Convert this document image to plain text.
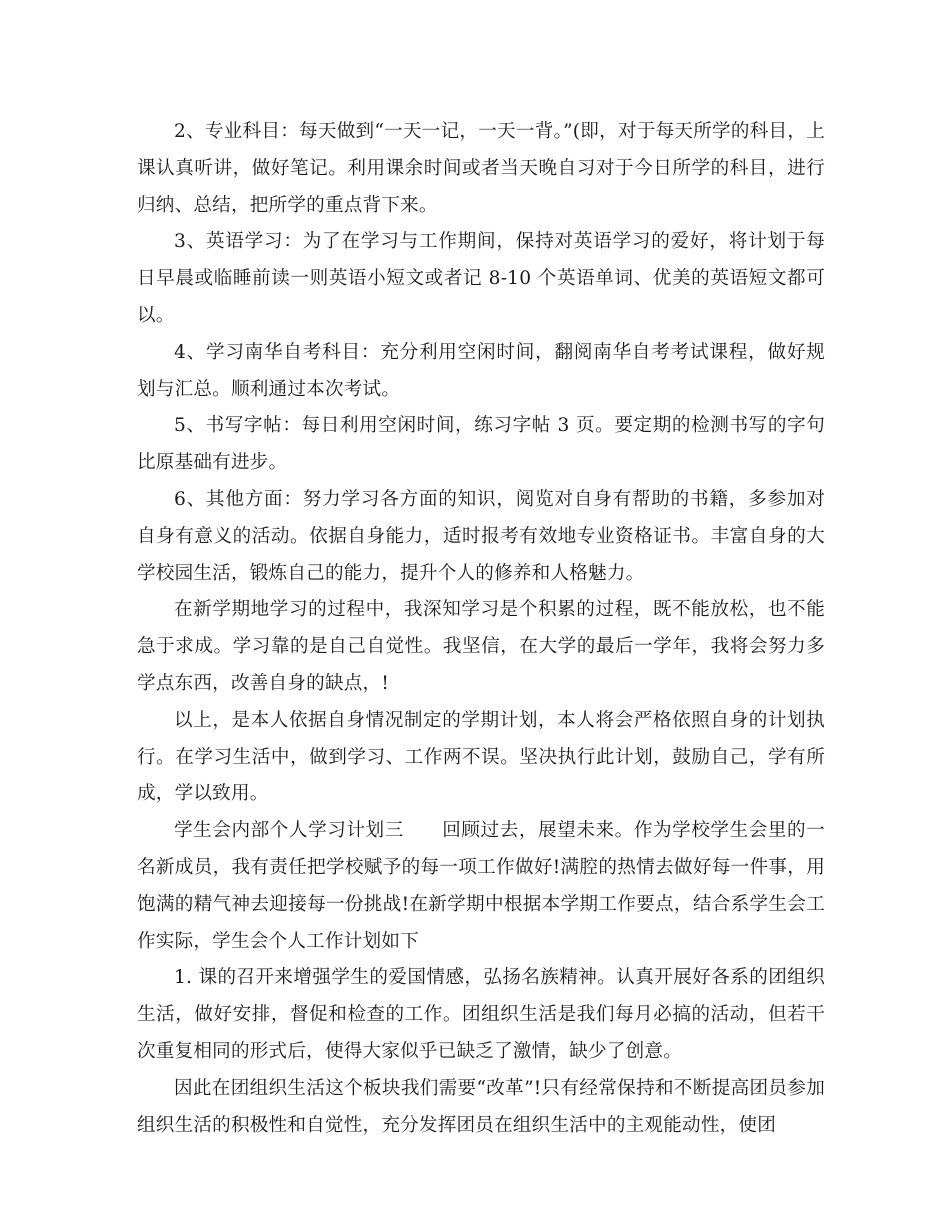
2、专业科目：每天做到“一天一记，一天一背。”(即，对于每天所学的科目，上课认真听讲，做好笔记。利用课余时间或者当天晚自习对于今日所学的科目，进行归纳、总结，把所学的重点背下来。

3、英语学习：为了在学习与工作期间，保持对英语学习的爱好，将计划于每日早晨或临睡前读一则英语小短文或者记 8-10 个英语单词、优美的英语短文都可以。

4、学习南华自考科目：充分利用空闲时间，翻阅南华自考考试课程，做好规划与汇总。顺利通过本次考试。

5、书写字帖：每日利用空闲时间，练习字帖 3 页。要定期的检测书写的字句比原基础有进步。

6、其他方面：努力学习各方面的知识，阅览对自身有帮助的书籍，多参加对自身有意义的活动。依据自身能力，适时报考有效地专业资格证书。丰富自身的大学校园生活，锻炼自己的能力，提升个人的修养和人格魅力。

在新学期地学习的过程中，我深知学习是个积累的过程，既不能放松，也不能急于求成。学习靠的是自己自觉性。我坚信，在大学的最后一学年，我将会努力多学点东西，改善自身的缺点，!

以上，是本人依据自身情况制定的学期计划，本人将会严格依照自身的计划执行。在学习生活中，做到学习、工作两不误。坚决执行此计划，鼓励自己，学有所成，学以致用。

学生会内部个人学习计划三 回顾过去，展望未来。作为学校学生会里的一名新成员，我有责任把学校赋予的每一项工作做好!满腔的热情去做好每一件事，用饱满的精气神去迎接每一份挑战!在新学期中根据本学期工作要点，结合系学生会工作实际，学生会个人工作计划如下

1. 课的召开来增强学生的爱国情感，弘扬名族精神。认真开展好各系的团组织生活，做好安排，督促和检查的工作。团组织生活是我们每月必搞的活动，但若干次重复相同的形式后，使得大家似乎已缺乏了激情，缺少了创意。

因此在团组织生活这个板块我们需要“改革”!只有经常保持和不断提高团员参加组织生活的积极性和自觉性，充分发挥团员在组织生活中的主观能动性，使团
